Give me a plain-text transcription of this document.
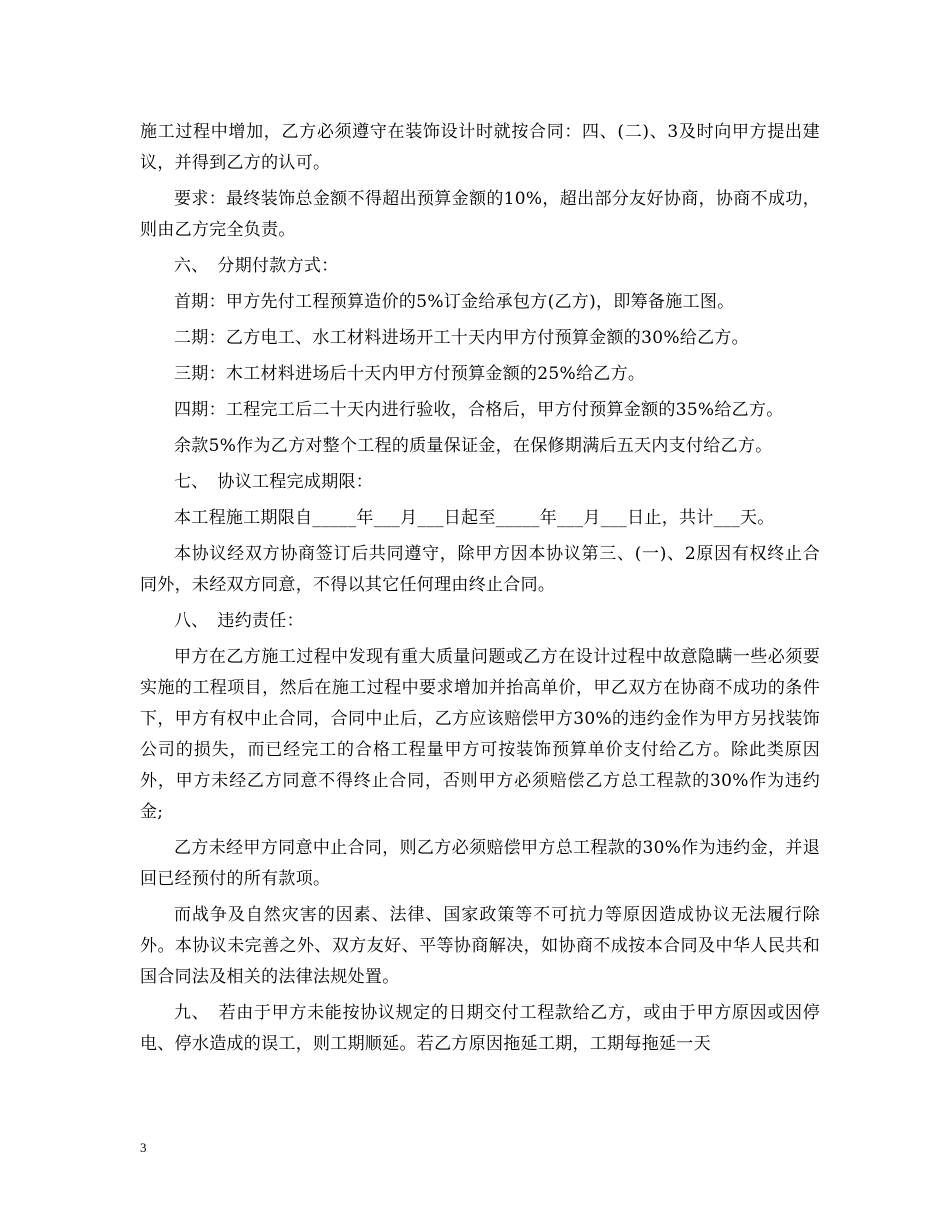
施工过程中增加，乙方必须遵守在装饰设计时就按合同：四、(二)、3及时向甲方提出建议，并得到乙方的认可。

要求：最终装饰总金额不得超出预算金额的10%，超出部分友好协商，协商不成功，则由乙方完全负责。

六、　分期付款方式：

首期：甲方先付工程预算造价的5%订金给承包方(乙方)，即筹备施工图。

二期：乙方电工、水工材料进场开工十天内甲方付预算金额的30%给乙方。

三期：木工材料进场后十天内甲方付预算金额的25%给乙方。

四期：工程完工后二十天内进行验收，合格后，甲方付预算金额的35%给乙方。

余款5%作为乙方对整个工程的质量保证金，在保修期满后五天内支付给乙方。

七、　协议工程完成期限：

本工程施工期限自_____年___月___日起至_____年___月___日止，共计___天。

本协议经双方协商签订后共同遵守，除甲方因本协议第三、(一)、2原因有权终止合同外，未经双方同意，不得以其它任何理由终止合同。

八、　违约责任：

甲方在乙方施工过程中发现有重大质量问题或乙方在设计过程中故意隐瞒一些必须要实施的工程项目，然后在施工过程中要求增加并抬高单价，甲乙双方在协商不成功的条件下，甲方有权中止合同，合同中止后，乙方应该赔偿甲方30%的违约金作为甲方另找装饰公司的损失，而已经完工的合格工程量甲方可按装饰预算单价支付给乙方。除此类原因外，甲方未经乙方同意不得终止合同，否则甲方必须赔偿乙方总工程款的30%作为违约金;

乙方未经甲方同意中止合同，则乙方必须赔偿甲方总工程款的30%作为违约金，并退回已经预付的所有款项。

而战争及自然灾害的因素、法律、国家政策等不可抗力等原因造成协议无法履行除外。本协议未完善之外、双方友好、平等协商解决，如协商不成按本合同及中华人民共和国合同法及相关的法律法规处置。

九、　若由于甲方未能按协议规定的日期交付工程款给乙方，或由于甲方原因或因停电、停水造成的误工，则工期顺延。若乙方原因拖延工期，工期每拖延一天

3
